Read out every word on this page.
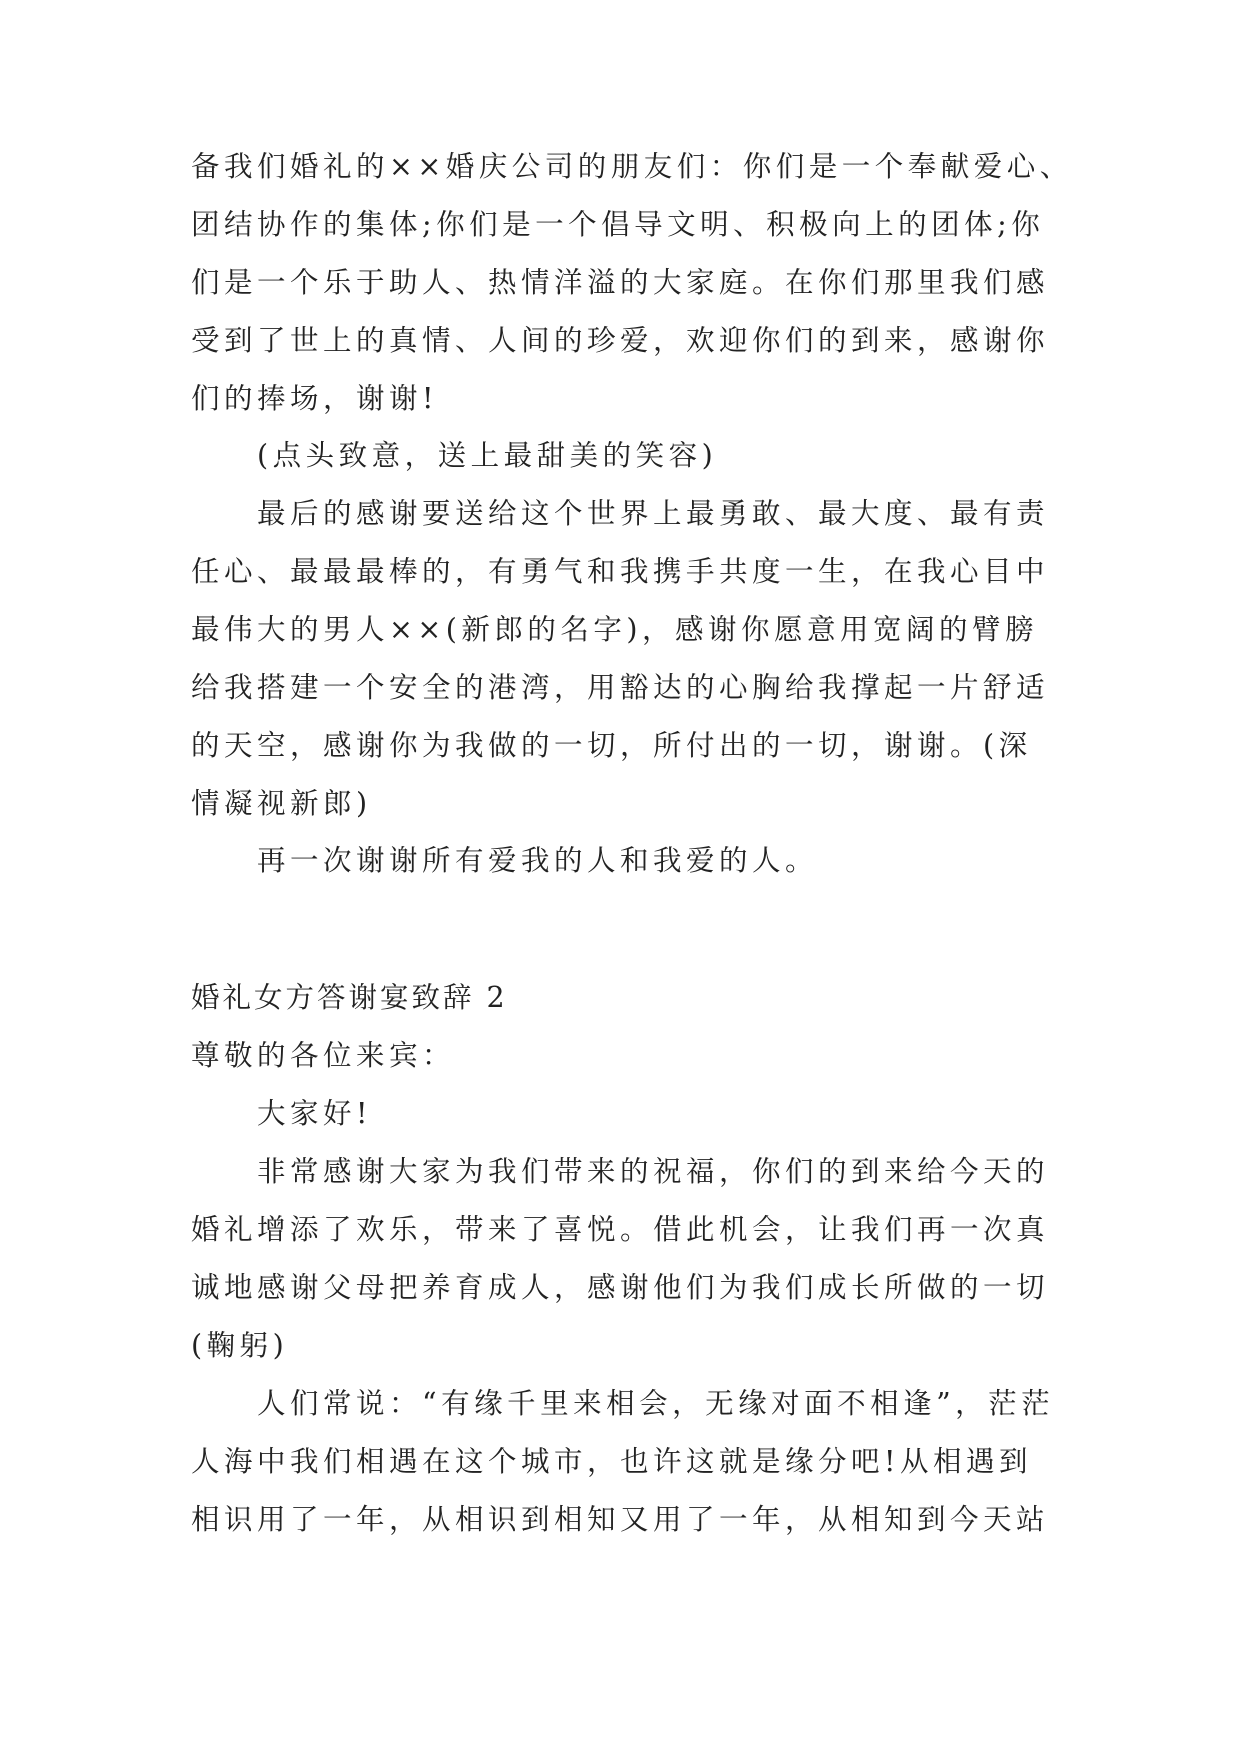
备我们婚礼的××婚庆公司的朋友们：你们是一个奉献爱心、
团结协作的集体;你们是一个倡导文明、积极向上的团体;你
们是一个乐于助人、热情洋溢的大家庭。在你们那里我们感
受到了世上的真情、人间的珍爱，欢迎你们的到来，感谢你
们的捧场，谢谢!
(点头致意，送上最甜美的笑容)
最后的感谢要送给这个世界上最勇敢、最大度、最有责
任心、最最最棒的，有勇气和我携手共度一生，在我心目中
最伟大的男人××(新郎的名字)，感谢你愿意用宽阔的臂膀
给我搭建一个安全的港湾，用豁达的心胸给我撑起一片舒适
的天空，感谢你为我做的一切，所付出的一切，谢谢。(深
情凝视新郎)
再一次谢谢所有爱我的人和我爱的人。
婚礼女方答谢宴致辞 2
尊敬的各位来宾：
大家好!
非常感谢大家为我们带来的祝福，你们的到来给今天的
婚礼增添了欢乐，带来了喜悦。借此机会，让我们再一次真
诚地感谢父母把养育成人，感谢他们为我们成长所做的一切
(鞠躬)
人们常说：“有缘千里来相会，无缘对面不相逢”，茫茫
人海中我们相遇在这个城市，也许这就是缘分吧!从相遇到
相识用了一年，从相识到相知又用了一年，从相知到今天站
